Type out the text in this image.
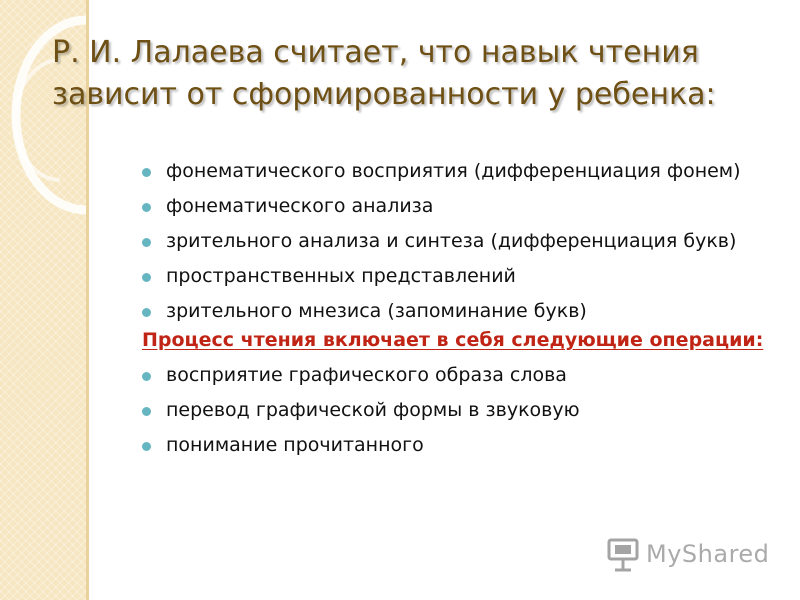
Р. И. Лалаева считает, что навык чтения зависит от сформированности у ребенка:
фонематического восприятия (дифференциация фонем)
фонематического анализа
зрительного анализа и синтеза (дифференциация букв)
пространственных представлений
зрительного мнезиса (запоминание букв)

Процесс чтения включает в себя следующие операции:

восприятие графического образа слова
перевод графической формы в звуковую
понимание прочитанного
MyShared
